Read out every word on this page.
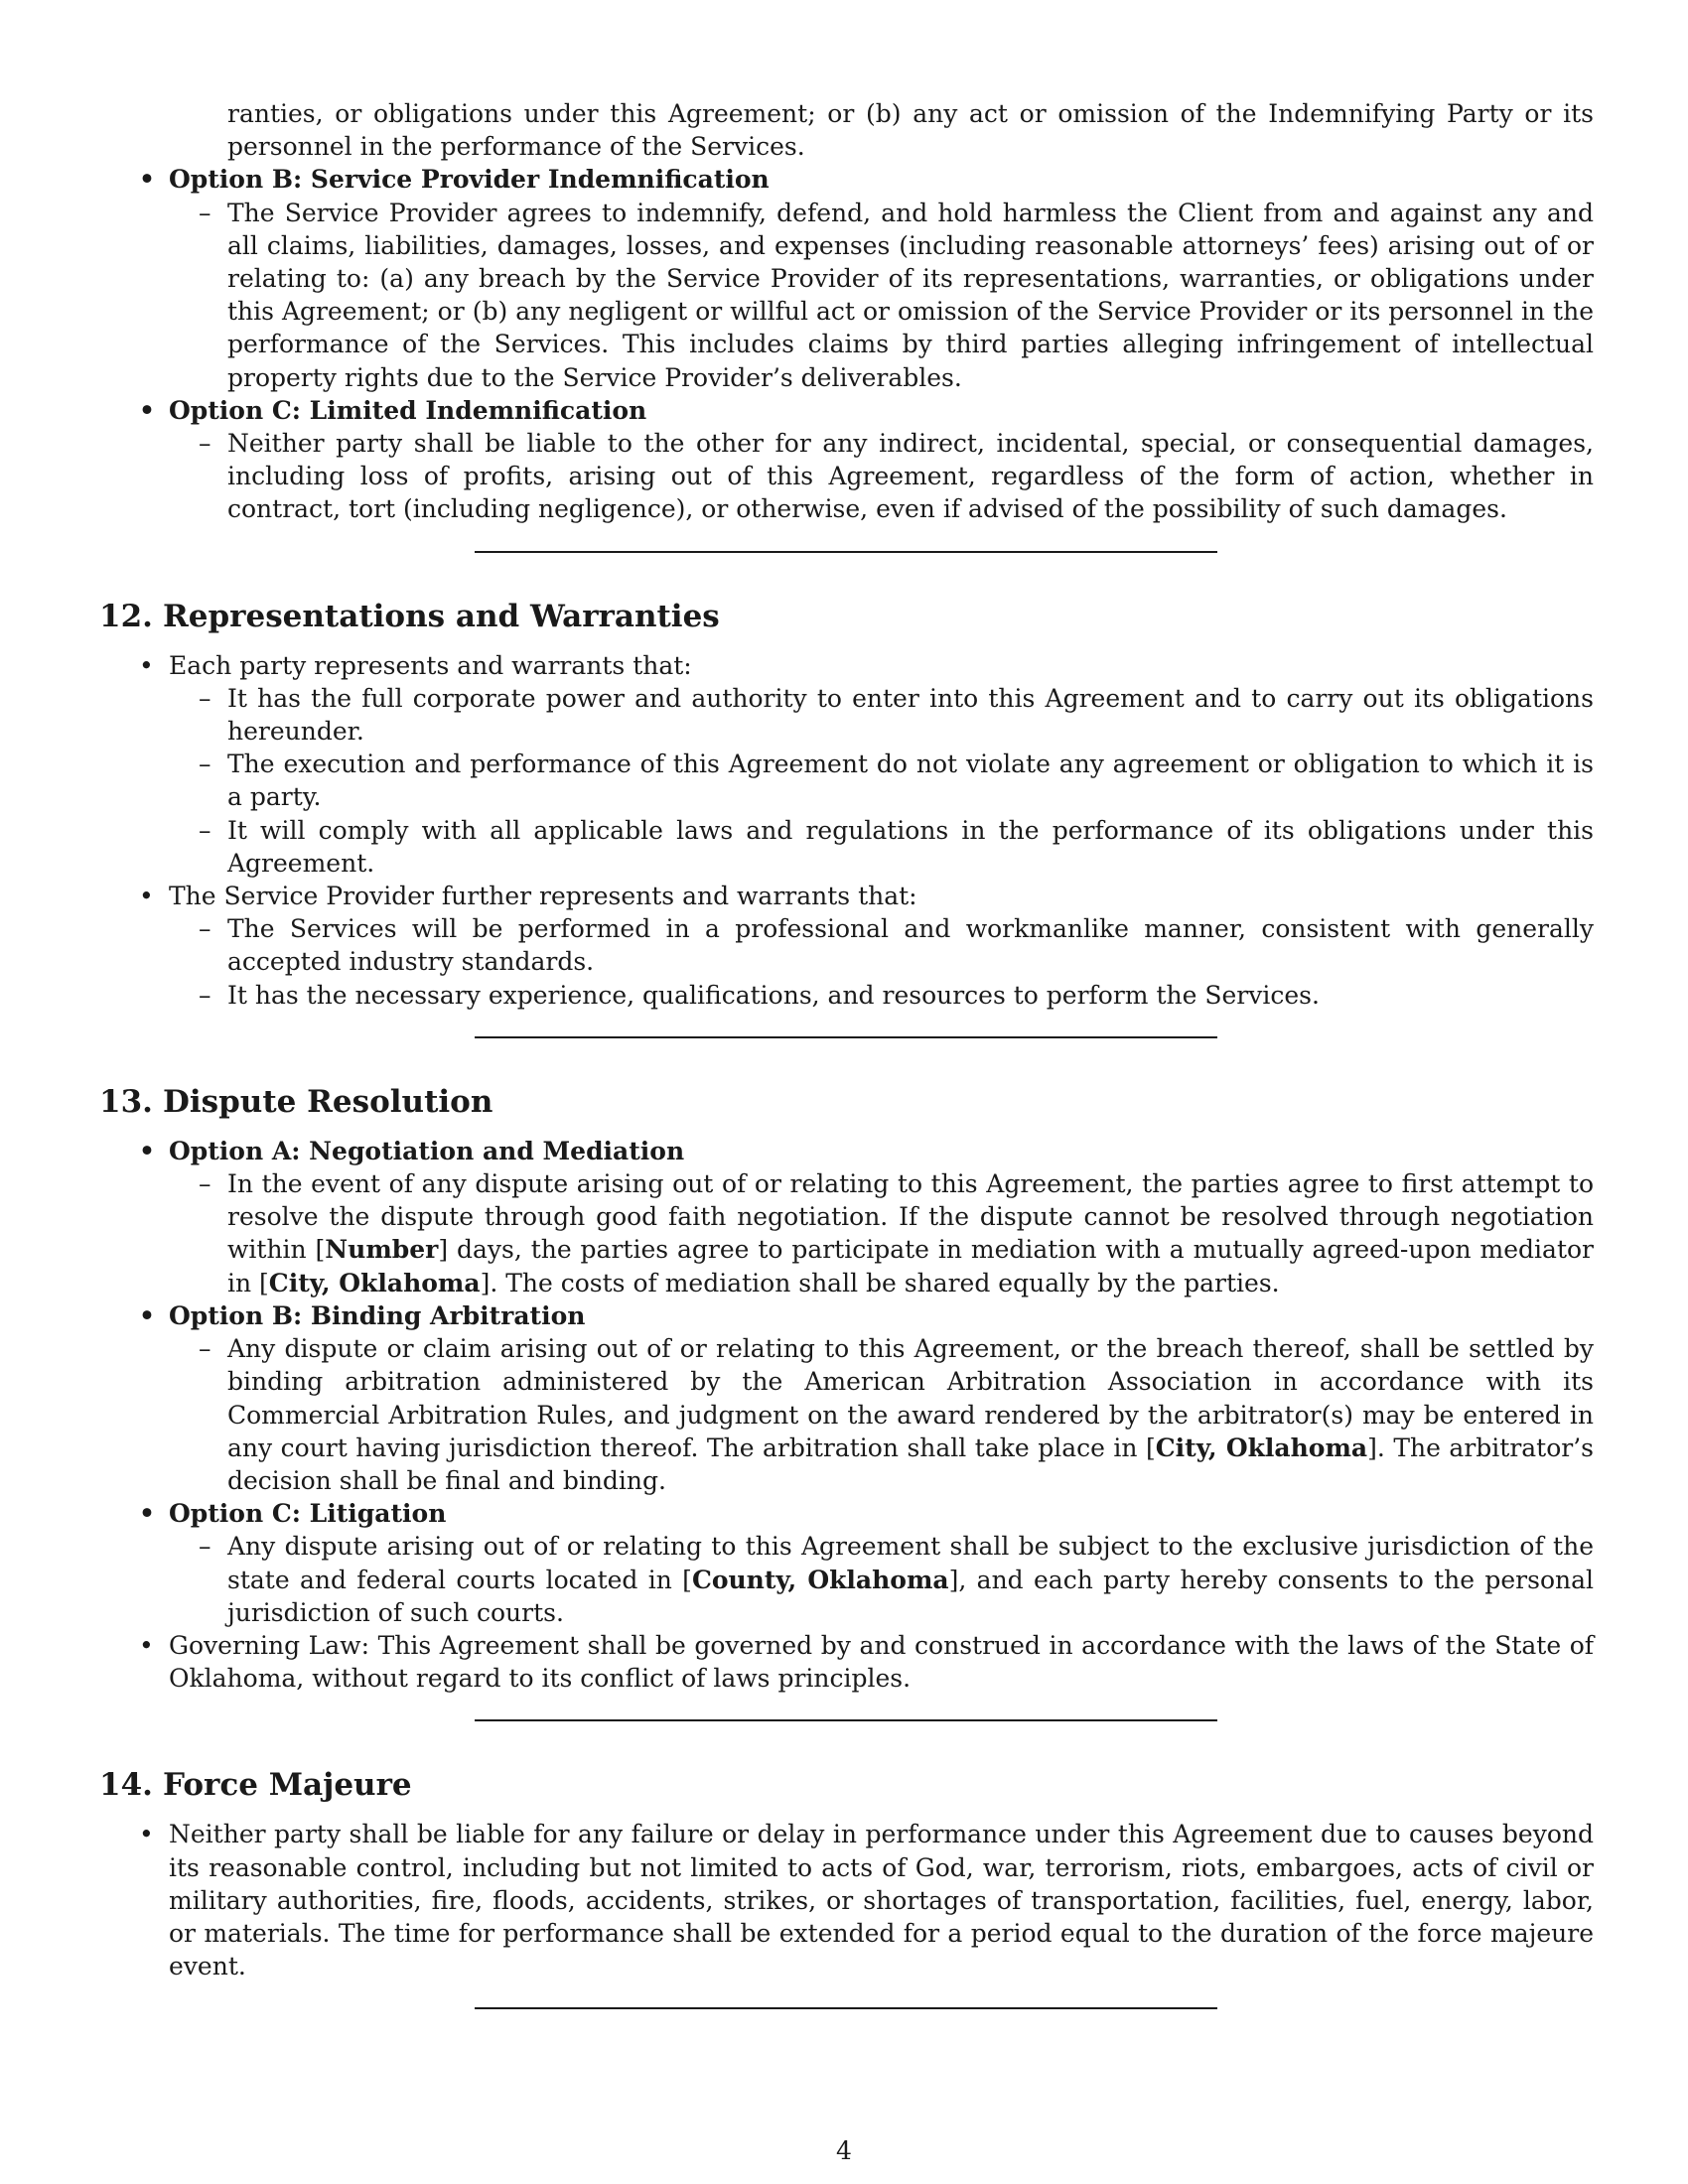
ranties, or obligations under this Agreement; or (b) any act or omission of the Indemnifying Party or its personnel in the performance of the Services.
• Option B: Service Provider Indemnification
– The Service Provider agrees to indemnify, defend, and hold harmless the Client from and against any and all claims, liabilities, damages, losses, and expenses (including reasonable attorneys’ fees) arising out of or relating to: (a) any breach by the Service Provider of its representations, warranties, or obligations under this Agreement; or (b) any negligent or willful act or omission of the Service Provider or its personnel in the performance of the Services. This includes claims by third parties alleging infringement of intellectual property rights due to the Service Provider’s deliverables.
• Option C: Limited Indemnification
– Neither party shall be liable to the other for any indirect, incidental, special, or consequential damages, including loss of profits, arising out of this Agreement, regardless of the form of action, whether in contract, tort (including negligence), or otherwise, even if advised of the possibility of such damages.
12. Representations and Warranties
• Each party represents and warrants that:
– It has the full corporate power and authority to enter into this Agreement and to carry out its obligations hereunder.
– The execution and performance of this Agreement do not violate any agreement or obligation to which it is a party.
– It will comply with all applicable laws and regulations in the performance of its obligations under this Agreement.
• The Service Provider further represents and warrants that:
– The Services will be performed in a professional and workmanlike manner, consistent with generally accepted industry standards.
– It has the necessary experience, qualifications, and resources to perform the Services.
13. Dispute Resolution
• Option A: Negotiation and Mediation
– In the event of any dispute arising out of or relating to this Agreement, the parties agree to first attempt to resolve the dispute through good faith negotiation. If the dispute cannot be resolved through negotiation within [Number] days, the parties agree to participate in mediation with a mutually agreed-upon mediator in [City, Oklahoma]. The costs of mediation shall be shared equally by the parties.
• Option B: Binding Arbitration
– Any dispute or claim arising out of or relating to this Agreement, or the breach thereof, shall be settled by binding arbitration administered by the American Arbitration Association in accordance with its Commercial Arbitration Rules, and judgment on the award rendered by the arbitrator(s) may be entered in any court having jurisdiction thereof. The arbitration shall take place in [City, Oklahoma]. The arbitrator’s decision shall be final and binding.
• Option C: Litigation
– Any dispute arising out of or relating to this Agreement shall be subject to the exclusive jurisdiction of the state and federal courts located in [County, Oklahoma], and each party hereby consents to the personal jurisdiction of such courts.
• Governing Law: This Agreement shall be governed by and construed in accordance with the laws of the State of Oklahoma, without regard to its conflict of laws principles.
14. Force Majeure
• Neither party shall be liable for any failure or delay in performance under this Agreement due to causes beyond its reasonable control, including but not limited to acts of God, war, terrorism, riots, embargoes, acts of civil or military authorities, fire, floods, accidents, strikes, or shortages of transportation, facilities, fuel, energy, labor, or materials. The time for performance shall be extended for a period equal to the duration of the force majeure event.
4
